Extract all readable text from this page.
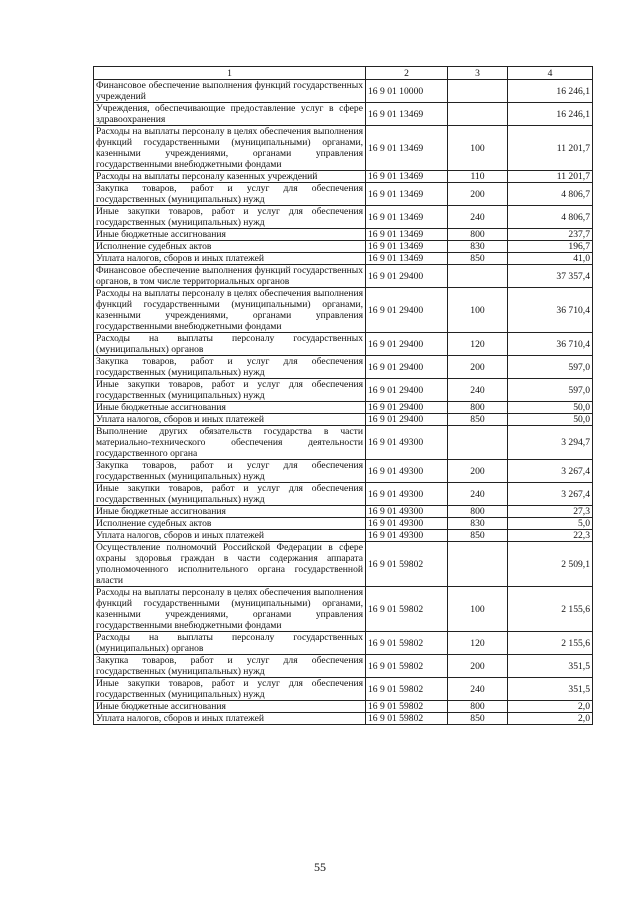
1	2	3	4
Финансовое обеспечение выполнения функций государственных учреждений	16 9 01 10000		16 246,1
Учреждения, обеспечивающие предоставление услуг в сфере здравоохранения	16 9 01 13469		16 246,1
Расходы на выплаты персоналу в целях обеспечения выполнения функций государственными (муниципальными) органами, казенными учреждениями, органами управления государственными внебюджетными фондами	16 9 01 13469	100	11 201,7
Расходы на выплаты персоналу казенных учреждений	16 9 01 13469	110	11 201,7
Закупка товаров, работ и услуг для обеспечения государственных (муниципальных) нужд	16 9 01 13469	200	4 806,7
Иные закупки товаров, работ и услуг для обеспечения государственных (муниципальных) нужд	16 9 01 13469	240	4 806,7
Иные бюджетные ассигнования	16 9 01 13469	800	237,7
Исполнение судебных актов	16 9 01 13469	830	196,7
Уплата налогов, сборов и иных платежей	16 9 01 13469	850	41,0
Финансовое обеспечение выполнения функций государственных органов, в том числе территориальных органов	16 9 01 29400		37 357,4
Расходы на выплаты персоналу в целях обеспечения выполнения функций государственными (муниципальными) органами, казенными учреждениями, органами управления государственными внебюджетными фондами	16 9 01 29400	100	36 710,4
Расходы на выплаты персоналу государственных (муниципальных) органов	16 9 01 29400	120	36 710,4
Закупка товаров, работ и услуг для обеспечения государственных (муниципальных) нужд	16 9 01 29400	200	597,0
Иные закупки товаров, работ и услуг для обеспечения государственных (муниципальных) нужд	16 9 01 29400	240	597,0
Иные бюджетные ассигнования	16 9 01 29400	800	50,0
Уплата налогов, сборов и иных платежей	16 9 01 29400	850	50,0
Выполнение других обязательств государства в части материально-технического обеспечения деятельности государственного органа	16 9 01 49300		3 294,7
Закупка товаров, работ и услуг для обеспечения государственных (муниципальных) нужд	16 9 01 49300	200	3 267,4
Иные закупки товаров, работ и услуг для обеспечения государственных (муниципальных) нужд	16 9 01 49300	240	3 267,4
Иные бюджетные ассигнования	16 9 01 49300	800	27,3
Исполнение судебных актов	16 9 01 49300	830	5,0
Уплата налогов, сборов и иных платежей	16 9 01 49300	850	22,3
Осуществление полномочий Российской Федерации в сфере охраны здоровья граждан в части содержания аппарата уполномоченного исполнительного органа государственной власти	16 9 01 59802		2 509,1
Расходы на выплаты персоналу в целях обеспечения выполнения функций государственными (муниципальными) органами, казенными учреждениями, органами управления государственными внебюджетными фондами	16 9 01 59802	100	2 155,6
Расходы на выплаты персоналу государственных (муниципальных) органов	16 9 01 59802	120	2 155,6
Закупка товаров, работ и услуг для обеспечения государственных (муниципальных) нужд	16 9 01 59802	200	351,5
Иные закупки товаров, работ и услуг для обеспечения государственных (муниципальных) нужд	16 9 01 59802	240	351,5
Иные бюджетные ассигнования	16 9 01 59802	800	2,0
Уплата налогов, сборов и иных платежей	16 9 01 59802	850	2,0
55
